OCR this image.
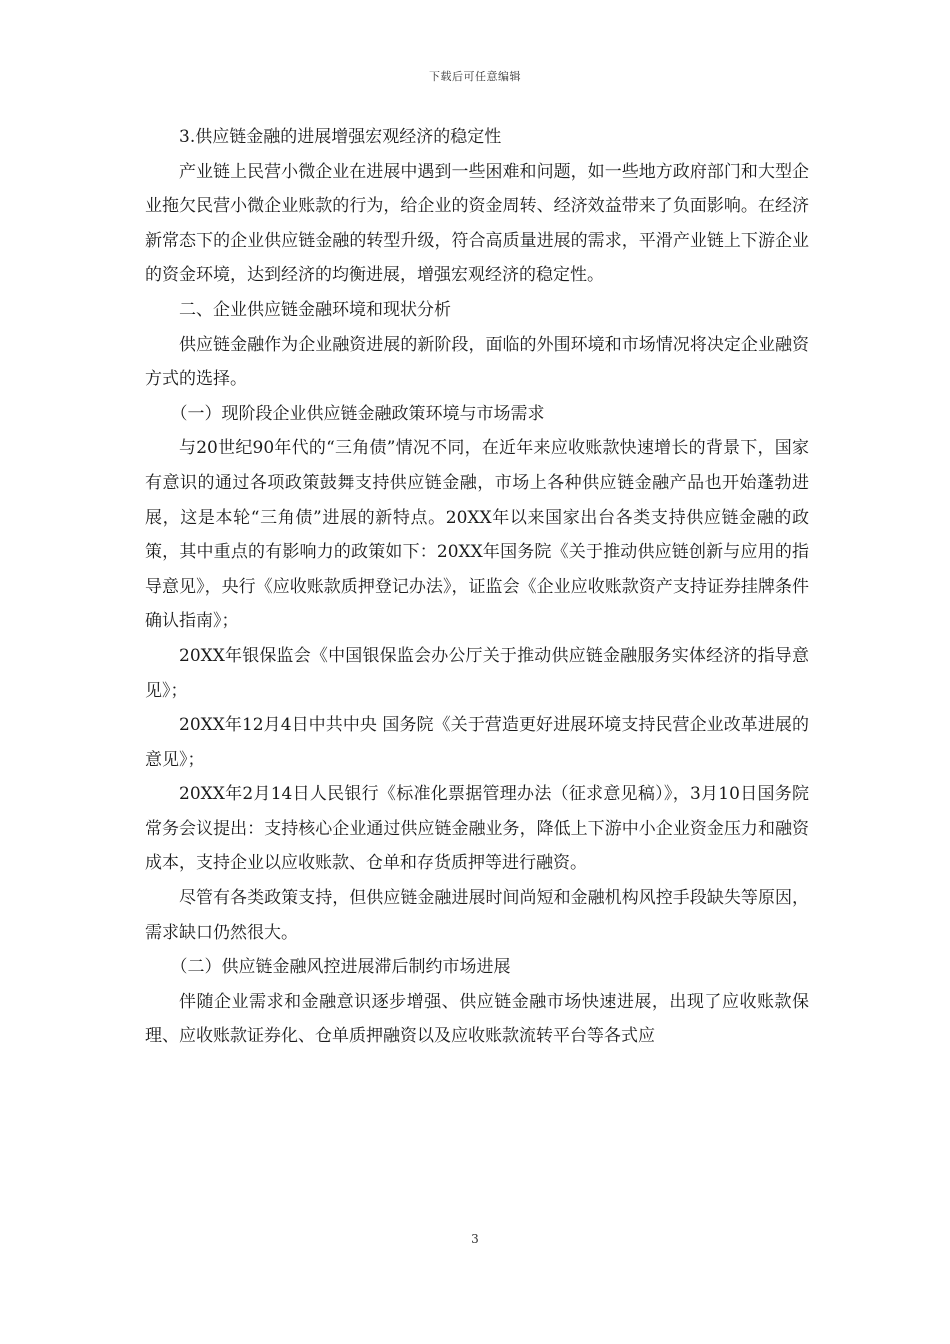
下载后可任意编辑

3.供应链金融的进展增强宏观经济的稳定性

产业链上民营小微企业在进展中遇到一些困难和问题，如一些地方政府部门和大型企业拖欠民营小微企业账款的行为，给企业的资金周转、经济效益带来了负面影响。在经济新常态下的企业供应链金融的转型升级，符合高质量进展的需求，平滑产业链上下游企业的资金环境，达到经济的均衡进展，增强宏观经济的稳定性。

二、企业供应链金融环境和现状分析

供应链金融作为企业融资进展的新阶段，面临的外围环境和市场情况将决定企业融资方式的选择。

（一）现阶段企业供应链金融政策环境与市场需求

与20世纪90年代的“三角债”情况不同，在近年来应收账款快速增长的背景下，国家有意识的通过各项政策鼓舞支持供应链金融，市场上各种供应链金融产品也开始蓬勃进展，这是本轮“三角债”进展的新特点。20XX年以来国家出台各类支持供应链金融的政策，其中重点的有影响力的政策如下：20XX年国务院《关于推动供应链创新与应用的指导意见》，央行《应收账款质押登记办法》，证监会《企业应收账款资产支持证券挂牌条件确认指南》；

20XX年银保监会《中国银保监会办公厅关于推动供应链金融服务实体经济的指导意见》；

20XX年12月4日中共中央 国务院《关于营造更好进展环境支持民营企业改革进展的意见》；

20XX年2月14日人民银行《标准化票据管理办法（征求意见稿）》，3月10日国务院常务会议提出：支持核心企业通过供应链金融业务，降低上下游中小企业资金压力和融资成本，支持企业以应收账款、仓单和存货质押等进行融资。

尽管有各类政策支持，但供应链金融进展时间尚短和金融机构风控手段缺失等原因，需求缺口仍然很大。

（二）供应链金融风控进展滞后制约市场进展

伴随企业需求和金融意识逐步增强、供应链金融市场快速进展，出现了应收账款保理、应收账款证券化、仓单质押融资以及应收账款流转平台等各式应

3
